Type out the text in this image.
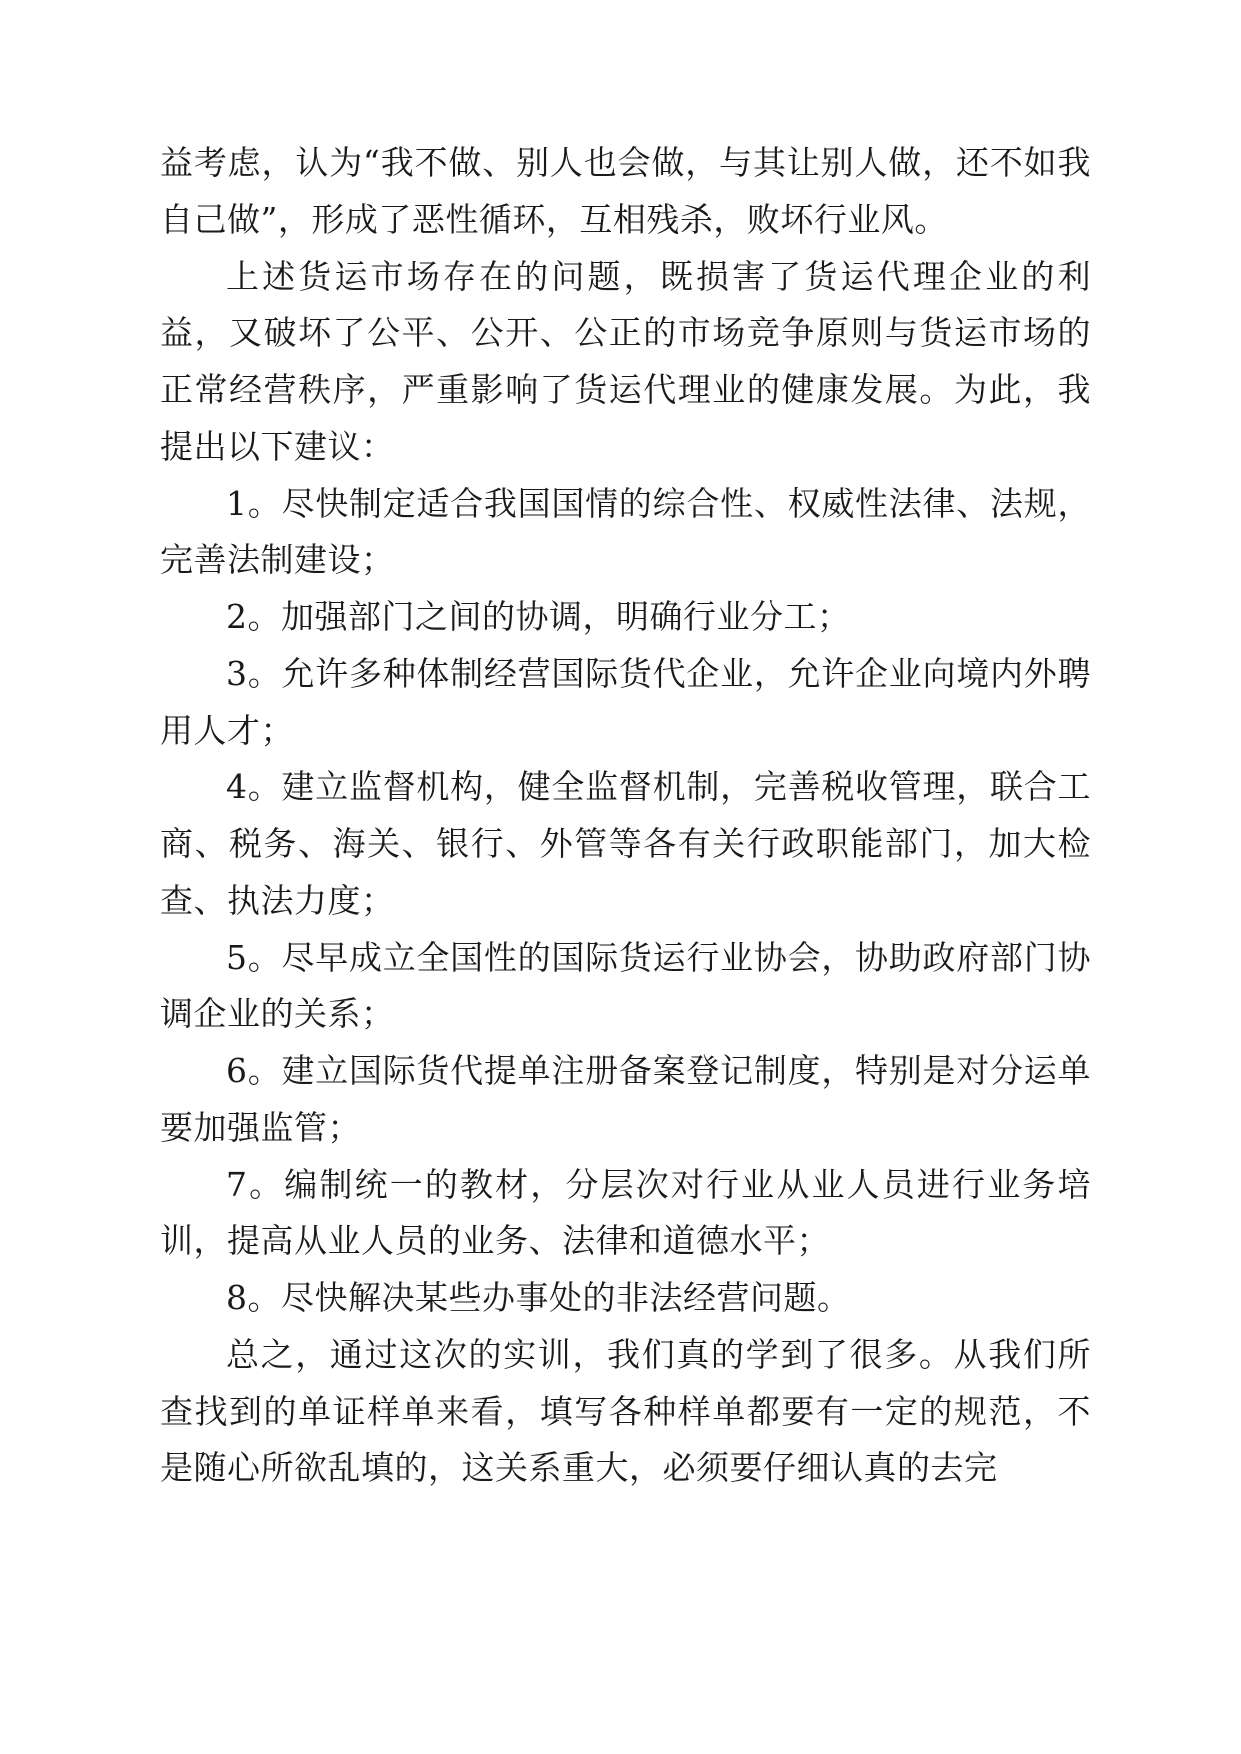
益考虑，认为“我不做、别人也会做，与其让别人做，还不如我自己做”，形成了恶性循环，互相残杀，败坏行业风。

上述货运市场存在的问题，既损害了货运代理企业的利益，又破坏了公平、公开、公正的市场竞争原则与货运市场的正常经营秩序，严重影响了货运代理业的健康发展。为此，我提出以下建议：

1。尽快制定适合我国国情的综合性、权威性法律、法规，完善法制建设；

2。加强部门之间的协调，明确行业分工；

3。允许多种体制经营国际货代企业，允许企业向境内外聘用人才；

4。建立监督机构，健全监督机制，完善税收管理，联合工商、税务、海关、银行、外管等各有关行政职能部门，加大检查、执法力度；

5。尽早成立全国性的国际货运行业协会，协助政府部门协调企业的关系；

6。建立国际货代提单注册备案登记制度，特别是对分运单要加强监管；

7。编制统一的教材，分层次对行业从业人员进行业务培训，提高从业人员的业务、法律和道德水平；

8。尽快解决某些办事处的非法经营问题。

总之，通过这次的实训，我们真的学到了很多。从我们所查找到的单证样单来看，填写各种样单都要有一定的规范，不是随心所欲乱填的，这关系重大，必须要仔细认真的去完
